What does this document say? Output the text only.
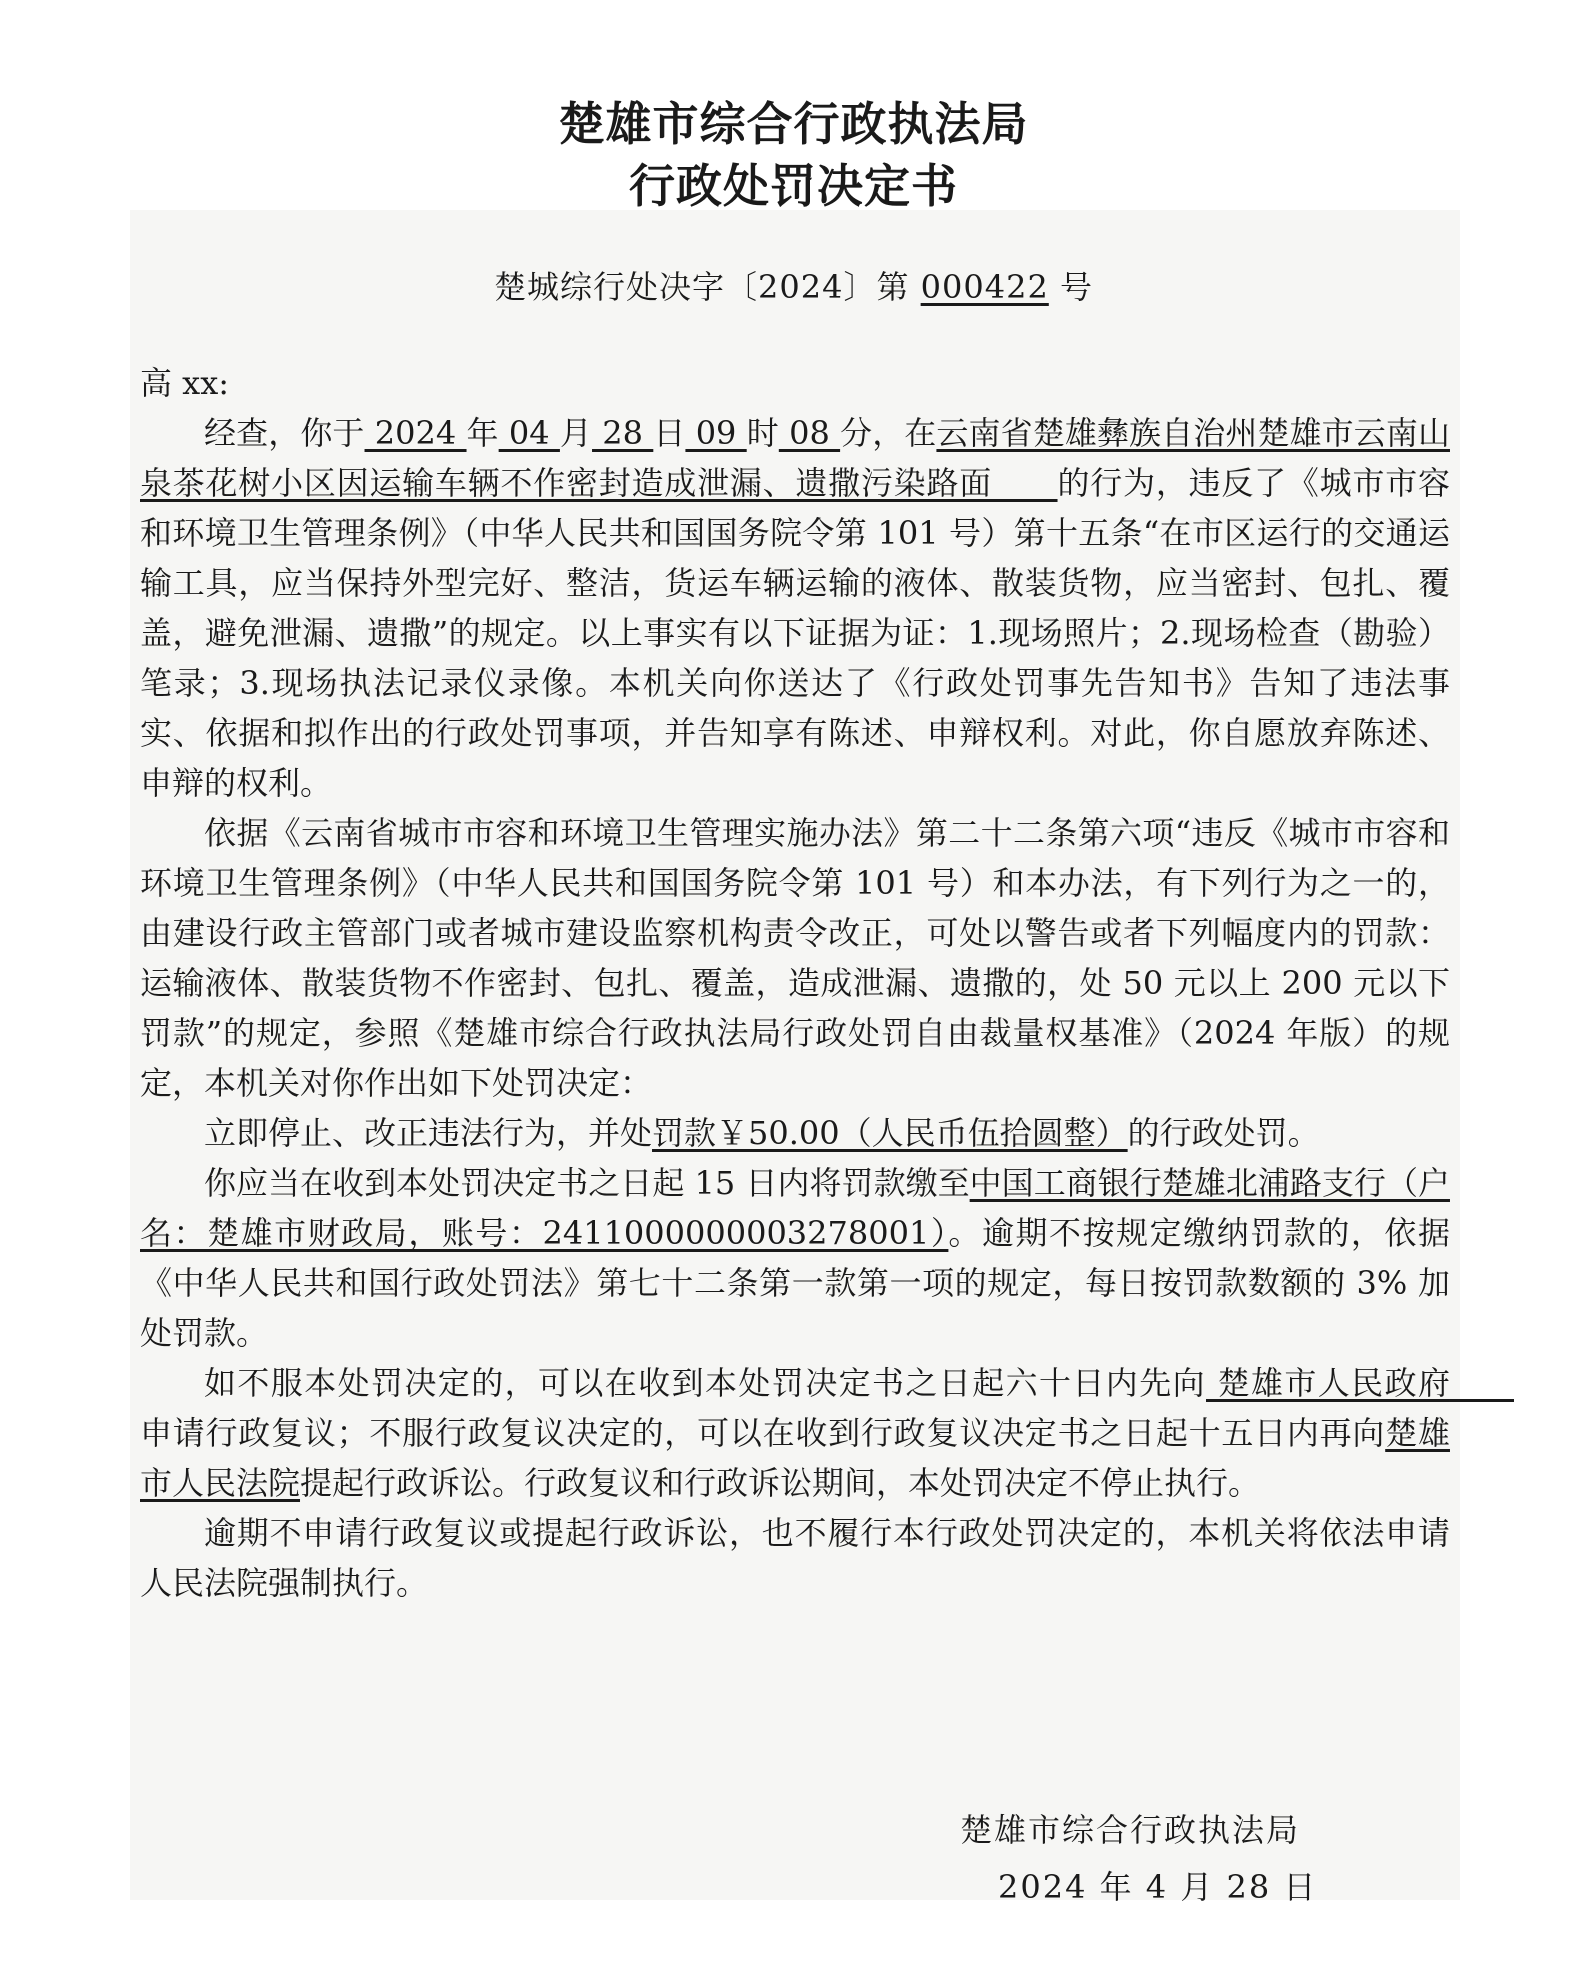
楚雄市综合行政执法局
行政处罚决定书
楚城综行处决字〔2024〕第 000422 号

高 xx:

经查，你于 2024 年 04 月 28 日 09 时 08 分，在云南省楚雄彝族自治州楚雄市云南山泉茶花树小区因运输车辆不作密封造成泄漏、遗撒污染路面　　的行为，违反了《城市市容和环境卫生管理条例》（中华人民共和国国务院令第 101 号）第十五条“在市区运行的交通运输工具，应当保持外型完好、整洁，货运车辆运输的液体、散装货物，应当密封、包扎、覆盖，避免泄漏、遗撒”的规定。以上事实有以下证据为证：1.现场照片；2.现场检查（勘验）笔录；3.现场执法记录仪录像。本机关向你送达了《行政处罚事先告知书》告知了违法事实、依据和拟作出的行政处罚事项，并告知享有陈述、申辩权利。对此，你自愿放弃陈述、申辩的权利。

依据《云南省城市市容和环境卫生管理实施办法》第二十二条第六项“违反《城市市容和环境卫生管理条例》（中华人民共和国国务院令第 101 号）和本办法，有下列行为之一的，由建设行政主管部门或者城市建设监察机构责令改正，可处以警告或者下列幅度内的罚款：运输液体、散装货物不作密封、包扎、覆盖，造成泄漏、遗撒的，处 50 元以上 200 元以下罚款”的规定，参照《楚雄市综合行政执法局行政处罚自由裁量权基准》（2024 年版）的规定，本机关对你作出如下处罚决定：

立即停止、改正违法行为，并处罚款￥50.00（人民币伍拾圆整）的行政处罚。

你应当在收到本处罚决定书之日起 15 日内将罚款缴至中国工商银行楚雄北浦路支行（户名：楚雄市财政局，账号：2411000000003278001）。逾期不按规定缴纳罚款的，依据《中华人民共和国行政处罚法》第七十二条第一款第一项的规定，每日按罚款数额的 3% 加处罚款。

如不服本处罚决定的，可以在收到本处罚决定书之日起六十日内先向 楚雄市人民政府　　申请行政复议；不服行政复议决定的，可以在收到行政复议决定书之日起十五日内再向楚雄市人民法院提起行政诉讼。行政复议和行政诉讼期间，本处罚决定不停止执行。

逾期不申请行政复议或提起行政诉讼，也不履行本行政处罚决定的，本机关将依法申请人民法院强制执行。

楚雄市综合行政执法局
2024 年 4 月 28 日
